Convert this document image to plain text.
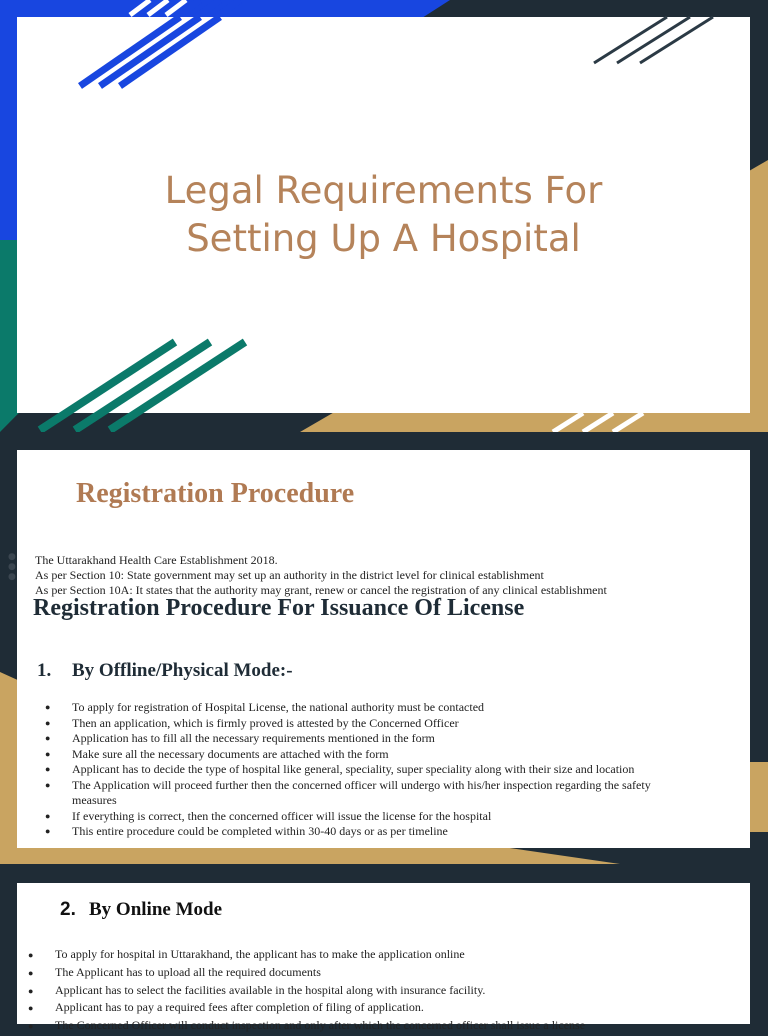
Legal Requirements For
Setting Up A Hospital
●
●
●
Registration Procedure
The Uttarakhand Health Care Establishment 2018.
As per Section 10: State government may set up an authority in the district level for clinical establishment
As per Section 10A: It states that the authority may grant, renew or cancel the registration of any clinical establishment
Registration Procedure For Issuance Of License
1. By Offline/Physical Mode:-
● To apply for registration of Hospital License, the national authority must be contacted
● Then an application, which is firmly proved is attested by the Concerned Officer
● Application has to fill all the necessary requirements mentioned in the form
● Make sure all the necessary documents are attached with the form
● Applicant has to decide the type of hospital like general, speciality, super speciality along with their size and location
● The Application will proceed further then the concerned officer will undergo with his/her inspection regarding the safety measures
● If everything is correct, then the concerned officer will issue the license for the hospital
● This entire procedure could be completed within 30-40 days or as per timeline
2. By Online Mode
● To apply for hospital in Uttarakhand, the applicant has to make the application online
● The Applicant has to upload all the required documents
● Applicant has to select the facilities available in the hospital along with insurance facility.
● Applicant has to pay a required fees after completion of filing of application.
● The Concerned Officer will conduct inspection and only after which the concerned officer shall issue a license
